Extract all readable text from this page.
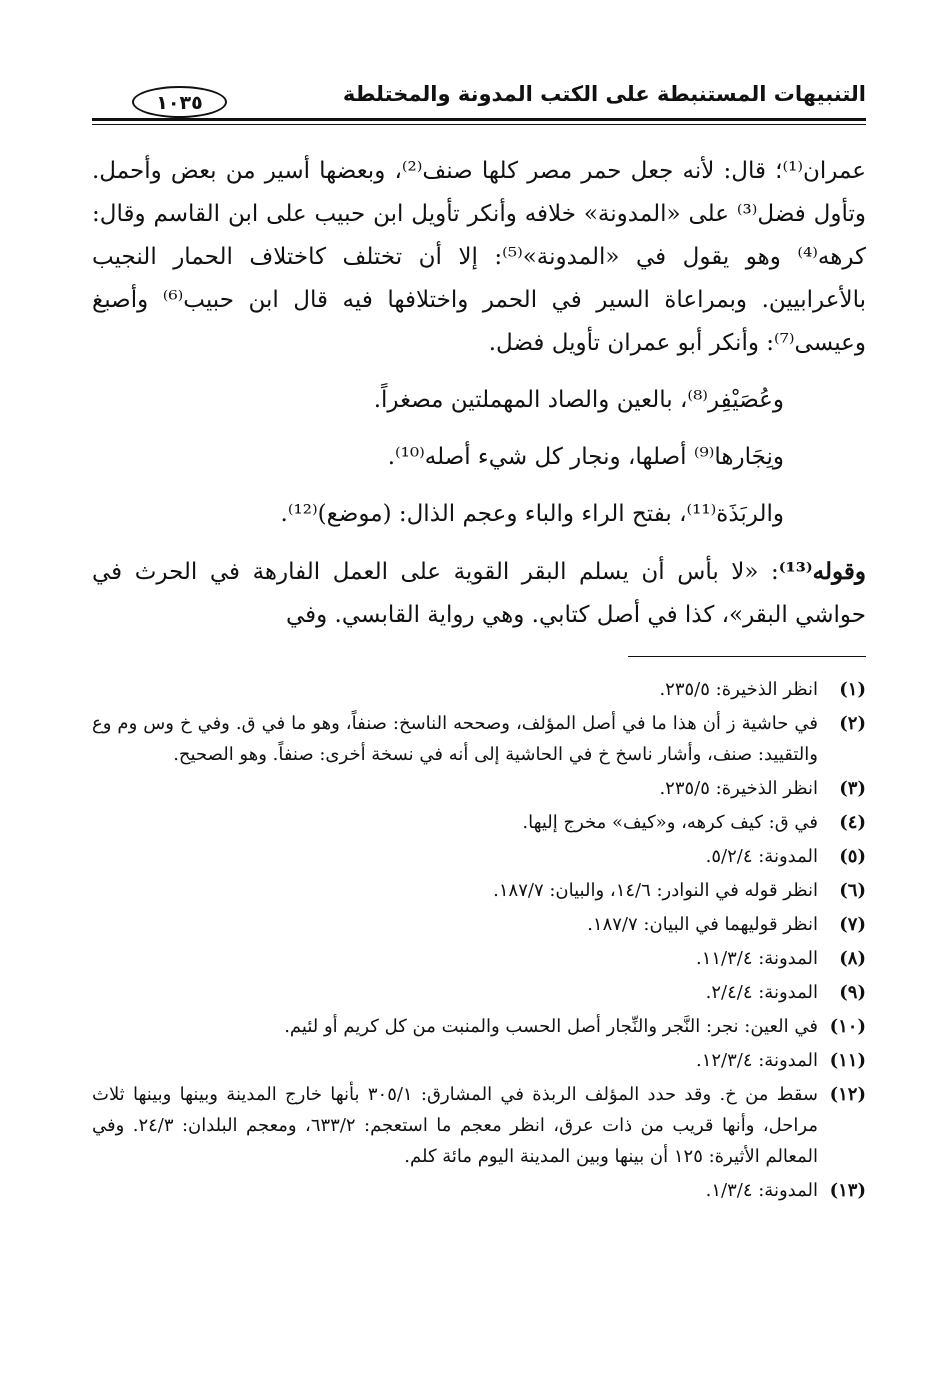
التنبيهات المستنبطة على الكتب المدونة والمختلطة
١٠٣٥

عمران⁽¹⁾؛ قال: لأنه جعل حمر مصر كلها صنف⁽²⁾، وبعضها أسير من بعض وأحمل. وتأول فضل⁽³⁾ على «المدونة» خلافه وأنكر تأويل ابن حبيب على ابن القاسم وقال: كرهه⁽⁴⁾ وهو يقول في «المدونة»⁽⁵⁾: إلا أن تختلف كاختلاف الحمار النجيب بالأعرابيين. وبمراعاة السير في الحمر واختلافها فيه قال ابن حبيب⁽⁶⁾ وأصبغ وعيسى⁽⁷⁾: وأنكر أبو عمران تأويل فضل.

وعُصَيْفِر⁽⁸⁾، بالعين والصاد المهملتين مصغراً.

ونِجَارها⁽⁹⁾ أصلها، ونجار كل شيء أصله⁽¹⁰⁾.

والربَذَة⁽¹¹⁾، بفتح الراء والباء وعجم الذال: (موضع)⁽¹²⁾.

وقوله⁽¹³⁾: «لا بأس أن يسلم البقر القوية على العمل الفارهة في الحرث في حواشي البقر»، كذا في أصل كتابي. وهي رواية القابسي. وفي

(١)
انظر الذخيرة: ٢٣٥/٥.

(٢)
في حاشية ز أن هذا ما في أصل المؤلف، وصححه الناسخ: صنفاً، وهو ما في ق. وفي خ وس وم وع والتقييد: صنف، وأشار ناسخ خ في الحاشية إلى أنه في نسخة أخرى: صنفاً. وهو الصحيح.

(٣)
انظر الذخيرة: ٢٣٥/٥.

(٤)
في ق: كيف كرهه، و«كيف» مخرج إليها.

(٥)
المدونة: ٥/٢/٤.

(٦)
انظر قوله في النوادر: ١٤/٦، والبيان: ١٨٧/٧.

(٧)
انظر قوليهما في البيان: ١٨٧/٧.

(٨)
المدونة: ١١/٣/٤.

(٩)
المدونة: ٢/٤/٤.

(١٠)
في العين: نجر: النَّجر والنِّجار أصل الحسب والمنبت من كل كريم أو لئيم.

(١١)
المدونة: ١٢/٣/٤.

(١٢)
سقط من خ. وقد حدد المؤلف الربذة في المشارق: ٣٠٥/١ بأنها خارج المدينة وبينها وبينها ثلاث مراحل، وأنها قريب من ذات عرق، انظر معجم ما استعجم: ٦٣٣/٢، ومعجم البلدان: ٢٤/٣. وفي المعالم الأثيرة: ١٢٥ أن بينها وبين المدينة اليوم مائة كلم.

(١٣)
المدونة: ١/٣/٤.
